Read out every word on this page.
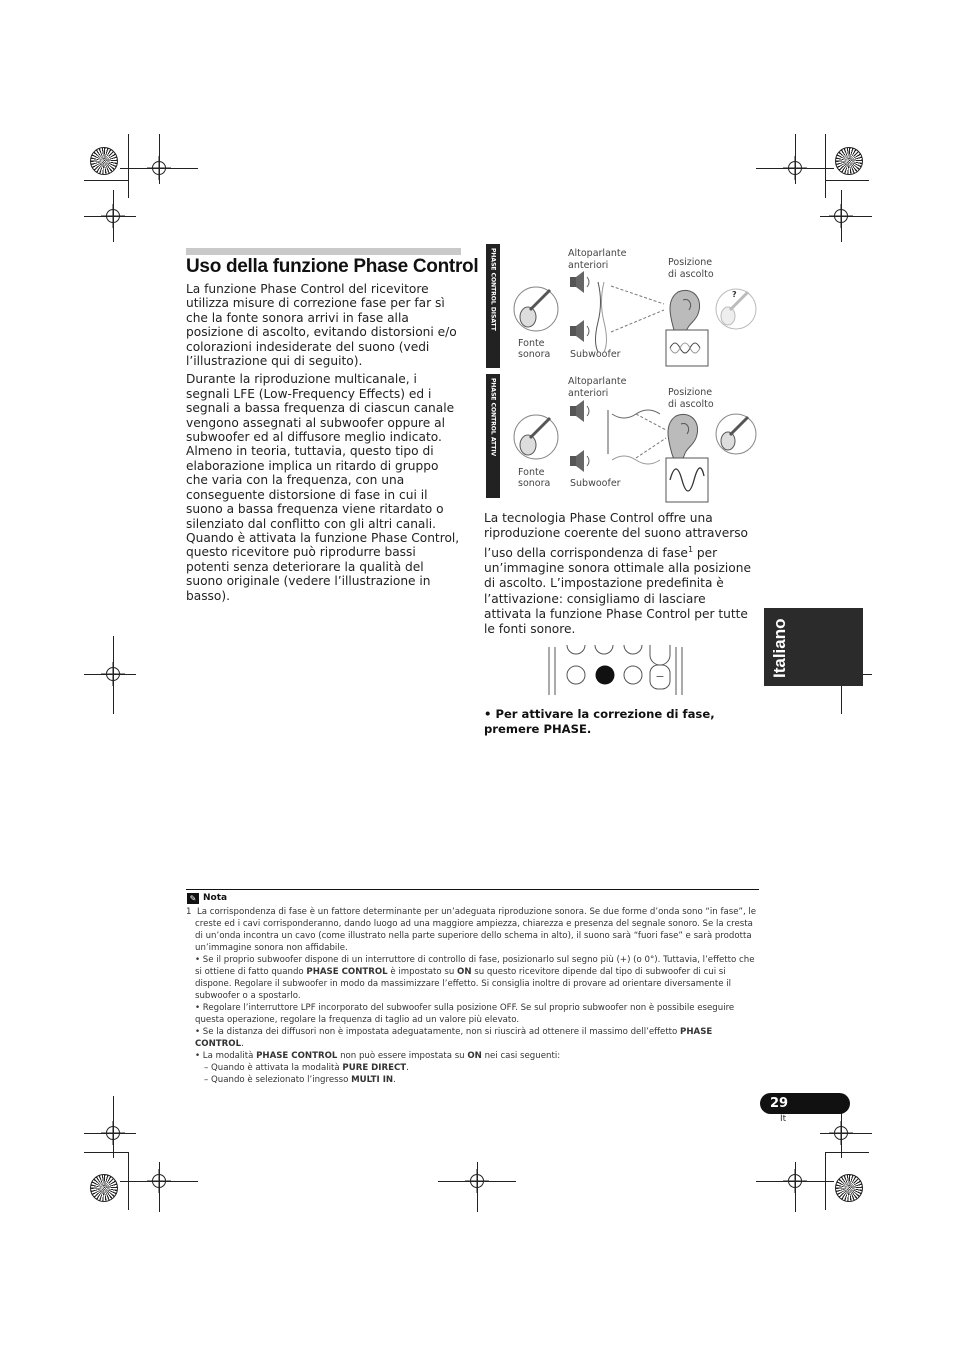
Uso della funzione Phase Control

La funzione Phase Control del ricevitore utilizza misure di correzione fase per far sì che la fonte sonora arrivi in fase alla posizione di ascolto, evitando distorsioni e/o colorazioni indesiderate del suono (vedi l’illustrazione qui di seguito).

Durante la riproduzione multicanale, i segnali LFE (Low-Frequency Effects) ed i segnali a bassa frequenza di ciascun canale vengono assegnati al subwoofer oppure al subwoofer ed al diffusore meglio indicato. Almeno in teoria, tuttavia, questo tipo di elaborazione implica un ritardo di gruppo che varia con la frequenza, con una conseguente distorsione di fase in cui il suono a bassa frequenza viene ritardato o silenziato dal conflitto con gli altri canali. Quando è attivata la funzione Phase Control, questo ricevitore può riprodurre bassi potenti senza deteriorare la qualità del suono originale (vedere l’illustrazione in basso).

PHASE CONTROL DISATT	Altoparlante
anteriori	Posizione
di ascolto
Fonte
sonora Subwoofer
?
PHASE CONTROL ATTIV	Altoparlante
anteriori	Posizione
di ascolto
Fonte
sonora Subwoofer

La tecnologia Phase Control offre una riproduzione coerente del suono attraverso l’uso della corrispondenza di fase$^1$ per un’immagine sonora ottimale alla posizione di ascolto. L’impostazione predefinita è l’attivazione: consigliamo di lasciare attivata la funzione Phase Control per tutte le fonti sonore.

−
• Per attivare la correzione di fase, premere PHASE.
Italiano
✎ Nota

1 La corrispondenza di fase è un fattore determinante per un’adeguata riproduzione sonora. Se due forme d’onda sono “in fase”, le creste ed i cavi corrisponderanno, dando luogo ad una maggiore ampiezza, chiarezza e presenza del segnale sonoro. Se la cresta di un’onda incontra un cavo (come illustrato nella parte superiore dello schema in alto), il suono sarà “fuori fase” e sarà prodotta un’immagine sonora non affidabile.

• Se il proprio subwoofer dispone di un interruttore di controllo di fase, posizionarlo sul segno più (+) (o 0°). Tuttavia, l’effetto che si ottiene di fatto quando PHASE CONTROL è impostato su ON su questo ricevitore dipende dal tipo di subwoofer di cui si dispone. Regolare il subwoofer in modo da massimizzare l’effetto. Si consiglia inoltre di provare ad orientare diversamente il subwoofer o a spostarlo.

• Regolare l’interruttore LPF incorporato del subwoofer sulla posizione OFF. Se sul proprio subwoofer non è possibile eseguire questa operazione, regolare la frequenza di taglio ad un valore più elevato.

• Se la distanza dei diffusori non è impostata adeguatamente, non si riuscirà ad ottenere il massimo dell’effetto PHASE CONTROL.

• La modalità PHASE CONTROL non può essere impostata su ON nei casi seguenti:

– Quando è attivata la modalità PURE DIRECT.

– Quando è selezionato l’ingresso MULTI IN.

29
It
